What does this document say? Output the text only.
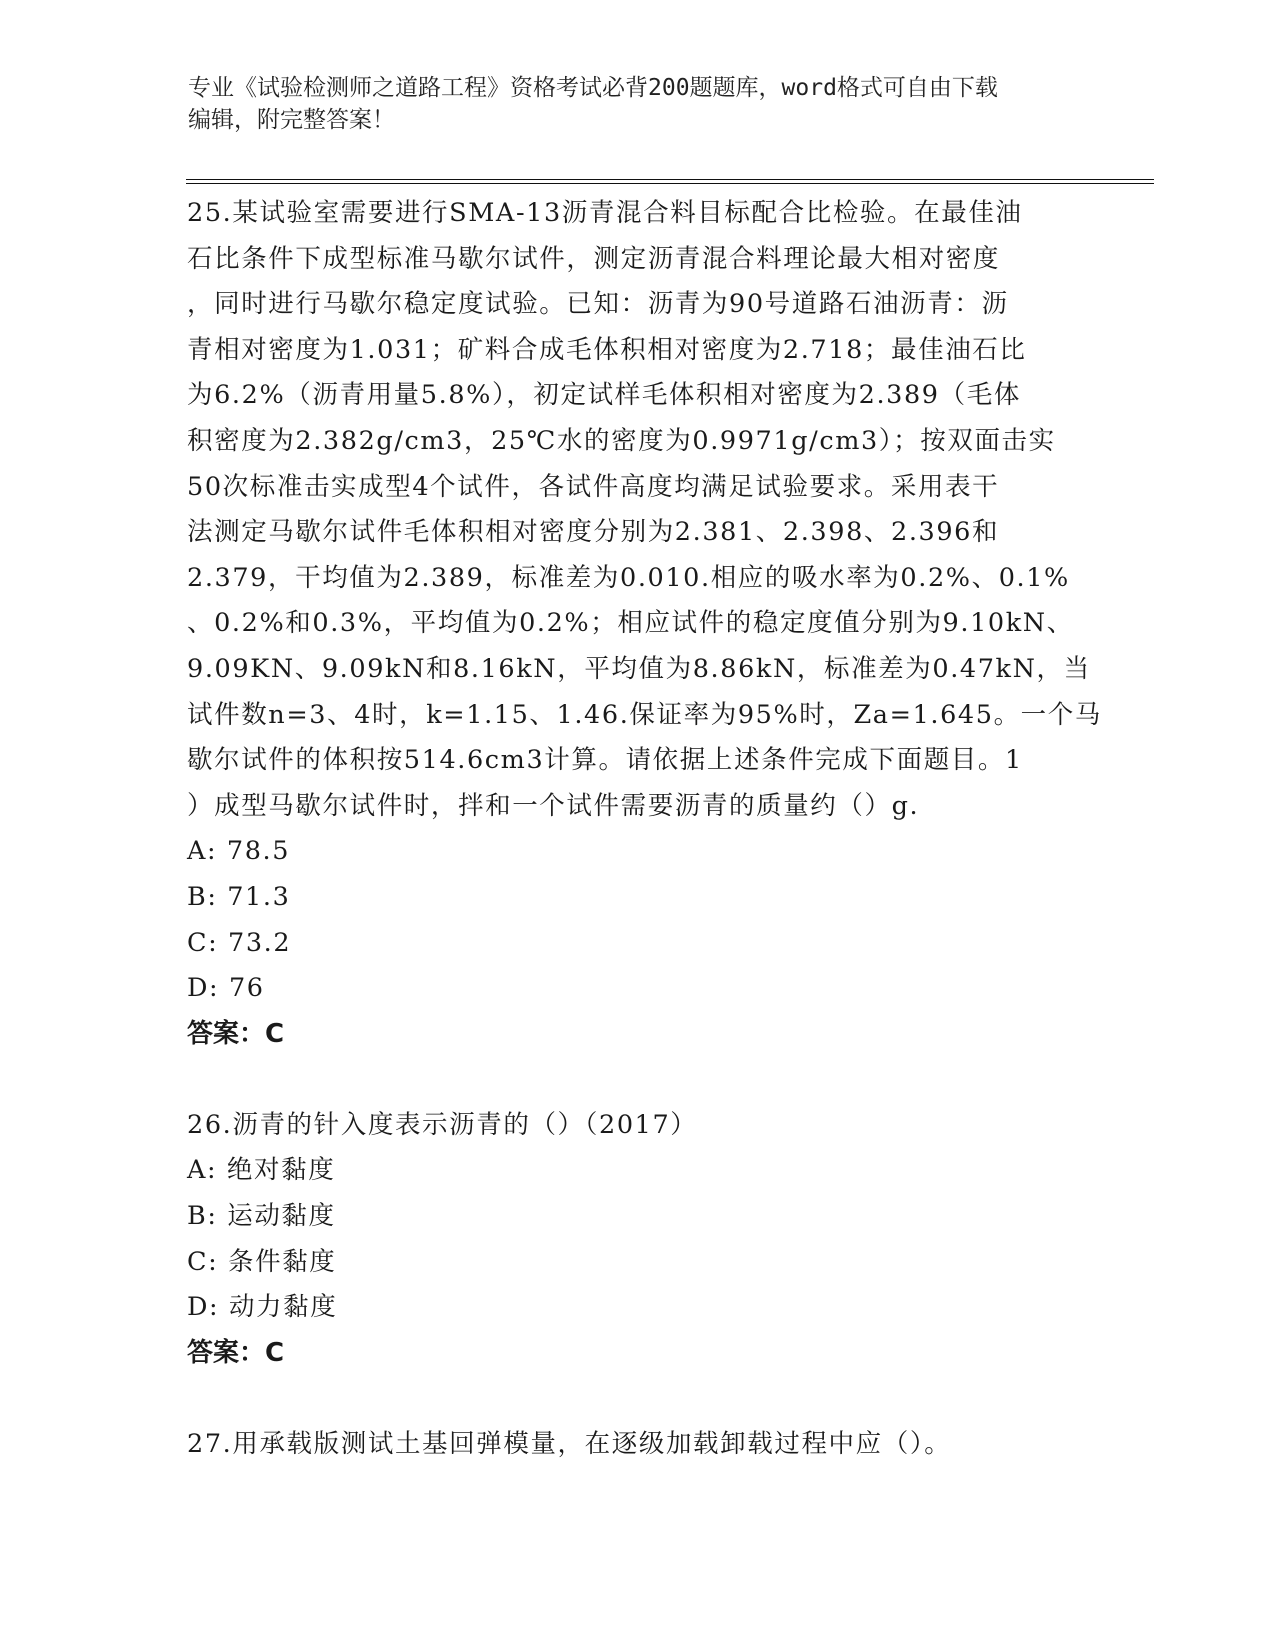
专业《试验检测师之道路工程》资格考试必背200题题库，word格式可自由下载
编辑，附完整答案！
25.某试验室需要进行SMA-13沥青混合料目标配合比检验。在最佳油
石比条件下成型标准马歇尔试件，测定沥青混合料理论最大相对密度
，同时进行马歇尔稳定度试验。已知：沥青为90号道路石油沥青：沥
青相对密度为1.031；矿料合成毛体积相对密度为2.718；最佳油石比
为6.2%（沥青用量5.8%），初定试样毛体积相对密度为2.389（毛体
积密度为2.382g/cm3，25℃水的密度为0.9971g/cm3）；按双面击实
50次标准击实成型4个试件，各试件高度均满足试验要求。采用表干
法测定马歇尔试件毛体积相对密度分别为2.381、2.398、2.396和
2.379，干均值为2.389，标准差为0.010.相应的吸水率为0.2%、0.1%
、0.2%和0.3%，平均值为0.2%；相应试件的稳定度值分别为9.10kN、
9.09KN、9.09kN和8.16kN，平均值为8.86kN，标准差为0.47kN，当
试件数n=3、4时，k=1.15、1.46.保证率为95%时，Za=1.645。一个马
歇尔试件的体积按514.6cm3计算。请依据上述条件完成下面题目。1
）成型马歇尔试件时，拌和一个试件需要沥青的质量约（）g.
A: 78.5
B: 71.3
C: 73.2
D: 76
答案：C
26.沥青的针入度表示沥青的（）（2017）
A: 绝对黏度
B: 运动黏度
C: 条件黏度
D: 动力黏度
答案：C
27.用承载版测试土基回弹模量，在逐级加载卸载过程中应（）。
